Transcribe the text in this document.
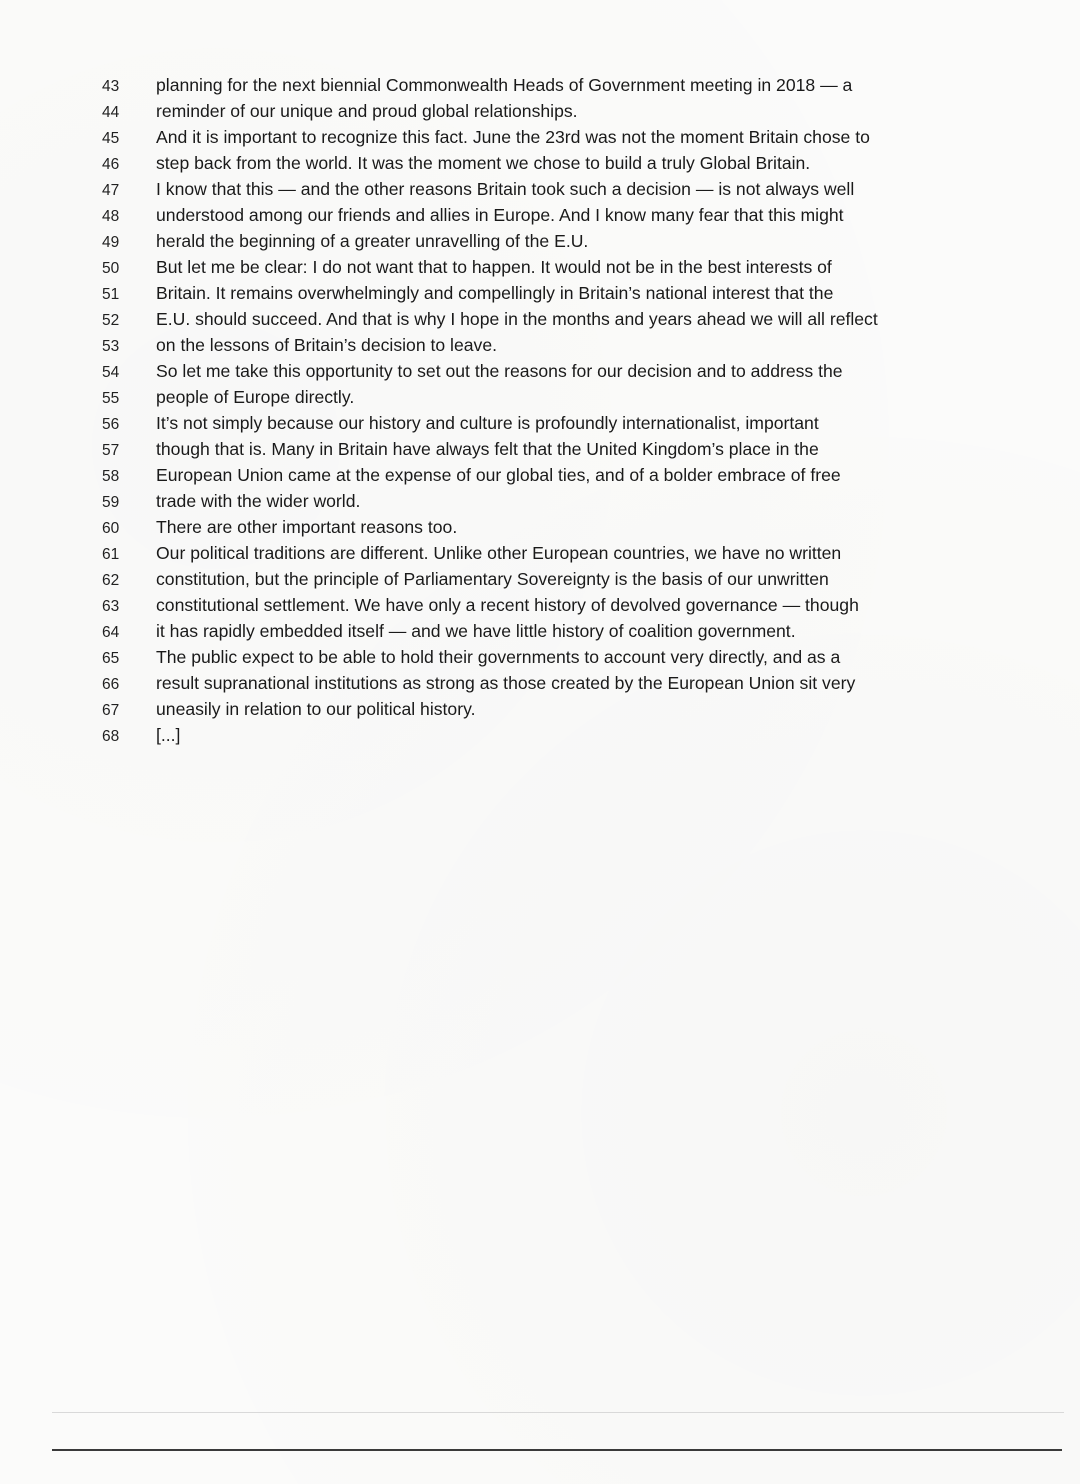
43	planning for the next biennial Commonwealth Heads of Government meeting in 2018 — a
44	reminder of our unique and proud global relationships.
45	And it is important to recognize this fact. June the 23rd was not the moment Britain chose to
46	step back from the world. It was the moment we chose to build a truly Global Britain.
47	I know that this — and the other reasons Britain took such a decision — is not always well
48	understood among our friends and allies in Europe. And I know many fear that this might
49	herald the beginning of a greater unravelling of the E.U.
50	But let me be clear: I do not want that to happen. It would not be in the best interests of
51	Britain. It remains overwhelmingly and compellingly in Britain’s national interest that the
52	E.U. should succeed. And that is why I hope in the months and years ahead we will all reflect
53	on the lessons of Britain’s decision to leave.
54	So let me take this opportunity to set out the reasons for our decision and to address the
55	people of Europe directly.
56	It’s not simply because our history and culture is profoundly internationalist, important
57	though that is. Many in Britain have always felt that the United Kingdom’s place in the
58	European Union came at the expense of our global ties, and of a bolder embrace of free
59	trade with the wider world.
60	There are other important reasons too.
61	Our political traditions are different. Unlike other European countries, we have no written
62	constitution, but the principle of Parliamentary Sovereignty is the basis of our unwritten
63	constitutional settlement. We have only a recent history of devolved governance — though
64	it has rapidly embedded itself — and we have little history of coalition government.
65	The public expect to be able to hold their governments to account very directly, and as a
66	result supranational institutions as strong as those created by the European Union sit very
67	uneasily in relation to our political history.
68	[...]
